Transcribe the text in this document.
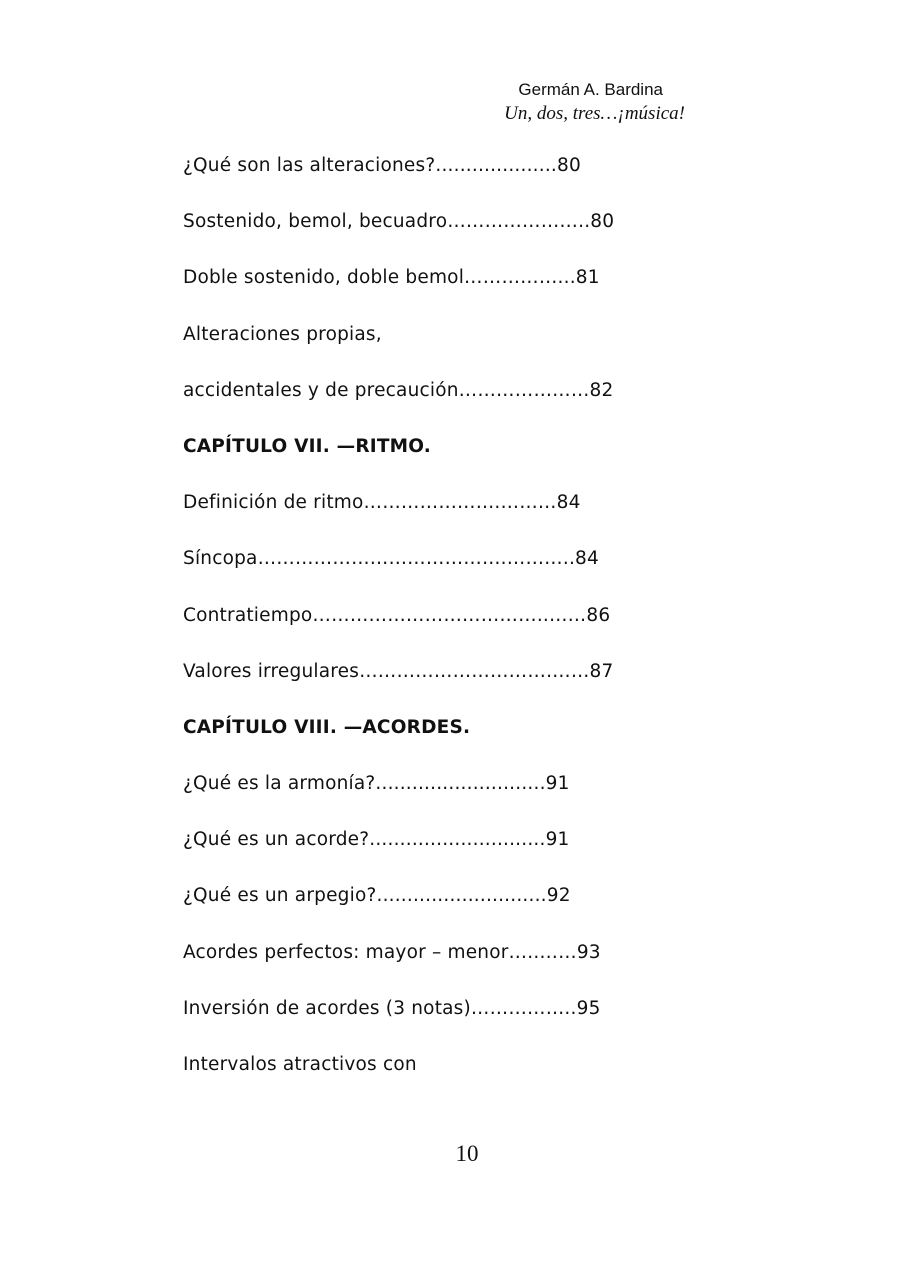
Germán A. Bardina
Un, dos, tres…¡música!
¿Qué son las alteraciones?....................80
Sostenido, bemol, becuadro…………………..80
Doble sostenido, doble bemol……………...81
Alteraciones propias,
accidentales y de precaución…………………82
CAPÍTULO VII. —RITMO.
Definición de ritmo………………….………84
Síncopa………………………………….………..84
Contratiempo………………………………..……86
Valores irregulares………………………….……87
CAPÍTULO VIII. —ACORDES.
¿Qué es la armonía?............................91
¿Qué es un acorde?.............................91
¿Qué es un arpegio?............................92
Acordes perfectos: mayor – menor…..……93
Inversión de acordes (3 notas)……………..95
Intervalos atractivos con
10
